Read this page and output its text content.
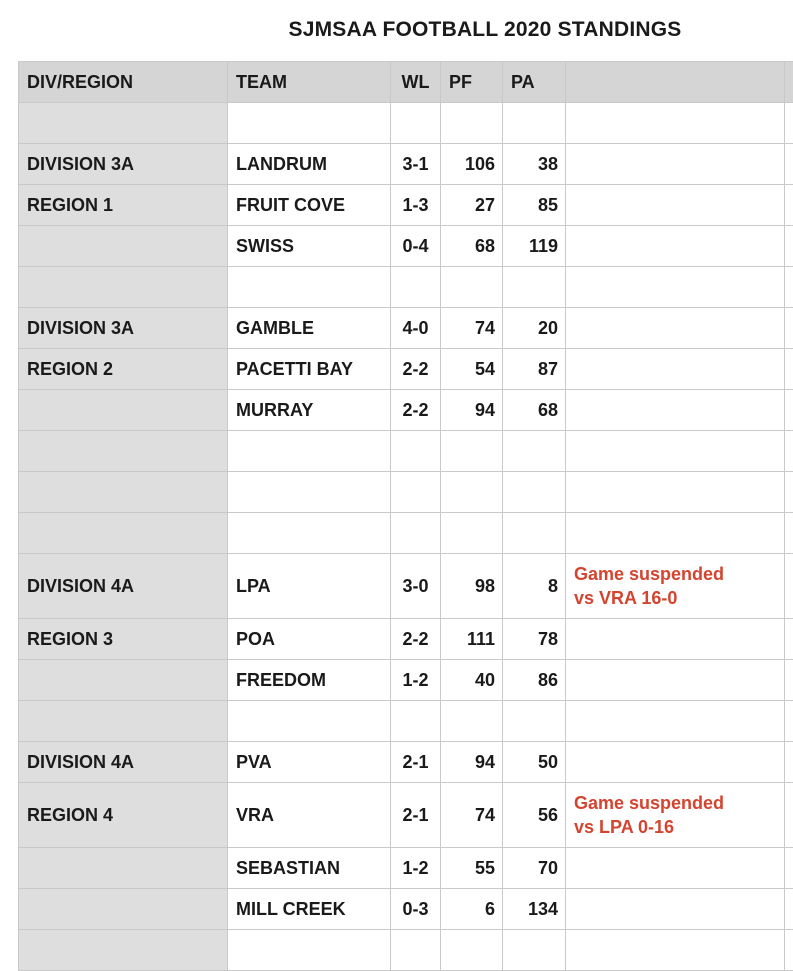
SJMSAA FOOTBALL 2020 STANDINGS
DIV/REGION	TEAM	WL	PF	PA		

DIVISION 3A	LANDRUM	3-1	106	38	

REGION 1	FRUIT COVE	1-3	27	85	

	SWISS	0-4	68	119	

DIVISION 3A	GAMBLE	4-0	74	20	

REGION 2	PACETTI BAY	2-2	54	87	

	MURRAY	2-2	94	68	

DIVISION 4A	LPA	3-0	98	8	Game suspended
vs VRA 16-0	

REGION 3	POA	2-2	111	78	

	FREEDOM	1-2	40	86	

DIVISION 4A	PVA	2-1	94	50	

REGION 4	VRA	2-1	74	56	Game suspended
vs LPA 0-16	

	SEBASTIAN	1-2	55	70	

	MILL CREEK	0-3	6	134	
